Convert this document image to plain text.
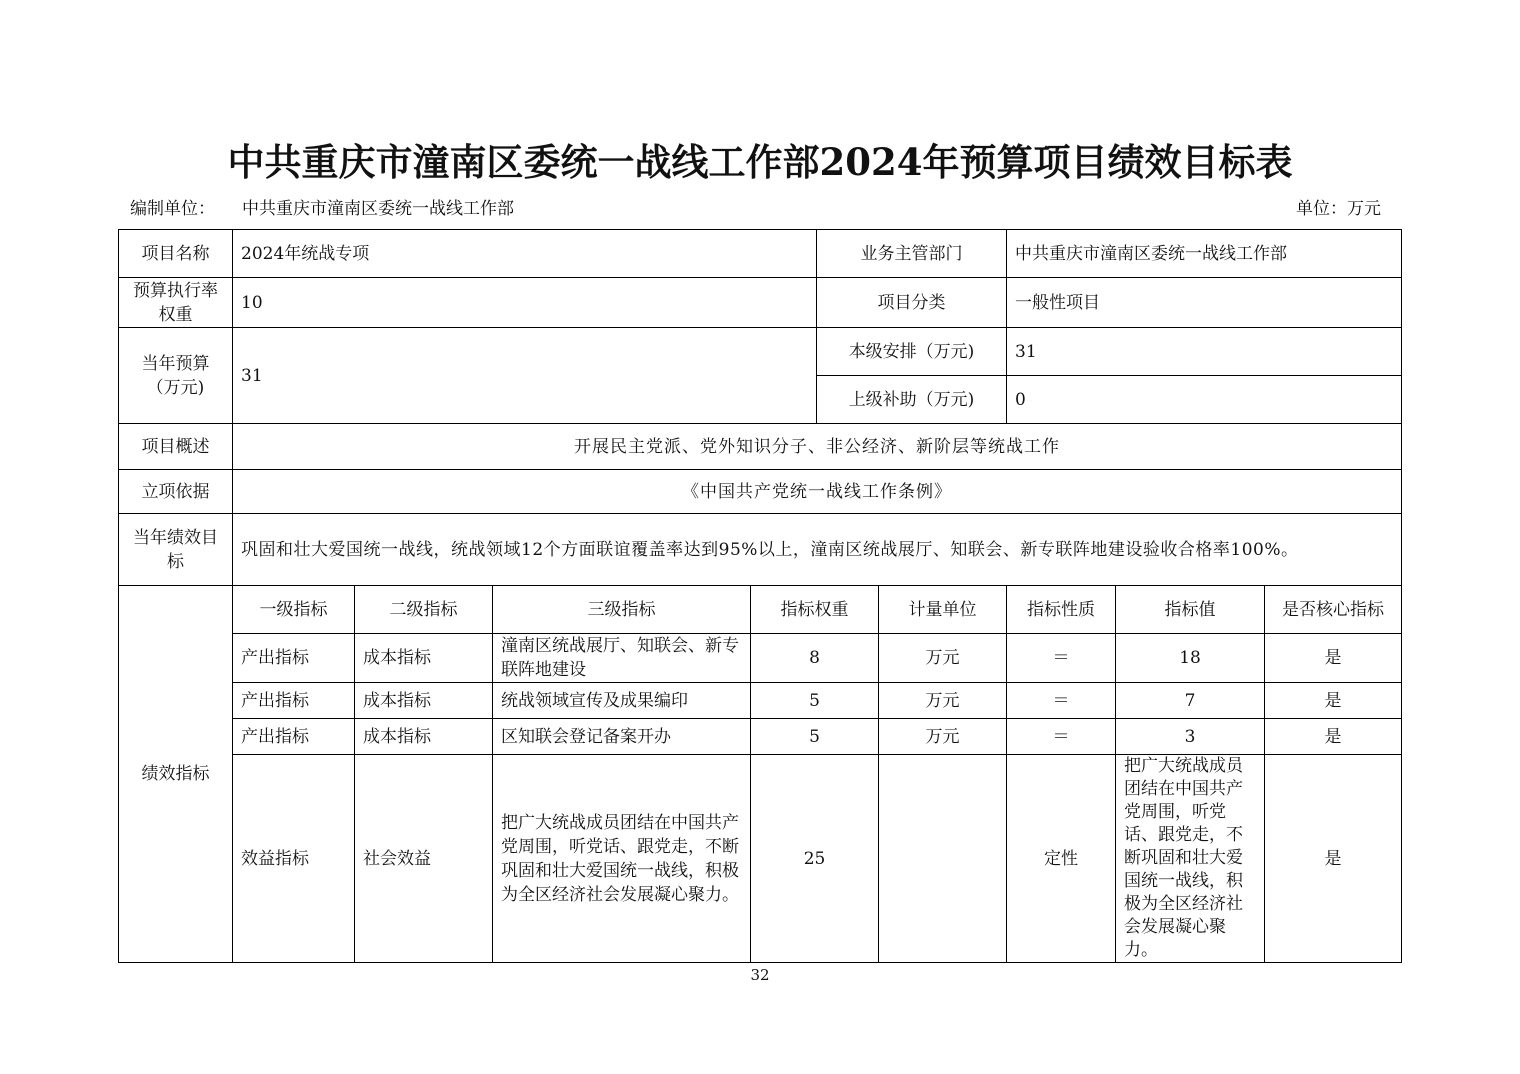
中共重庆市潼南区委统一战线工作部2024年预算项目绩效目标表
编制单位： 中共重庆市潼南区委统一战线工作部	单位：万元
项目名称	2024年统战专项				业务主管部门		中共重庆市潼南区委统一战线工作部		
预算执行率权重	10				项目分类		一般性项目		
当年预算（万元)	31				本级安排（万元)		31		
					上级补助（万元)		0		
项目概述	开展民主党派、党外知识分子、非公经济、新阶层等统战工作								
立项依据	《中国共产党统一战线工作条例》								
当年绩效目标	巩固和壮大爱国统一战线，统战领域12个方面联谊覆盖率达到95%以上，潼南区统战展厅、知联会、新专联阵地建设验收合格率100%。								
绩效指标	一级指标	二级指标	三级指标	指标权重		计量单位	指标性质	指标值	是否核心指标
	产出指标	成本指标	潼南区统战展厅、知联会、新专联阵地建设	8		万元	＝	18	是
	产出指标	成本指标	统战领域宣传及成果编印	5		万元	＝	7	是
	产出指标	成本指标	区知联会登记备案开办	5		万元	＝	3	是
	效益指标	社会效益	把广大统战成员团结在中国共产党周围，听党话、跟党走，不断巩固和壮大爱国统一战线，积极为全区经济社会发展凝心聚力。	25			定性	把广大统战成员团结在中国共产党周围，听党话、跟党走，不断巩固和壮大爱国统一战线，积极为全区经济社会发展凝心聚力。	是
32
